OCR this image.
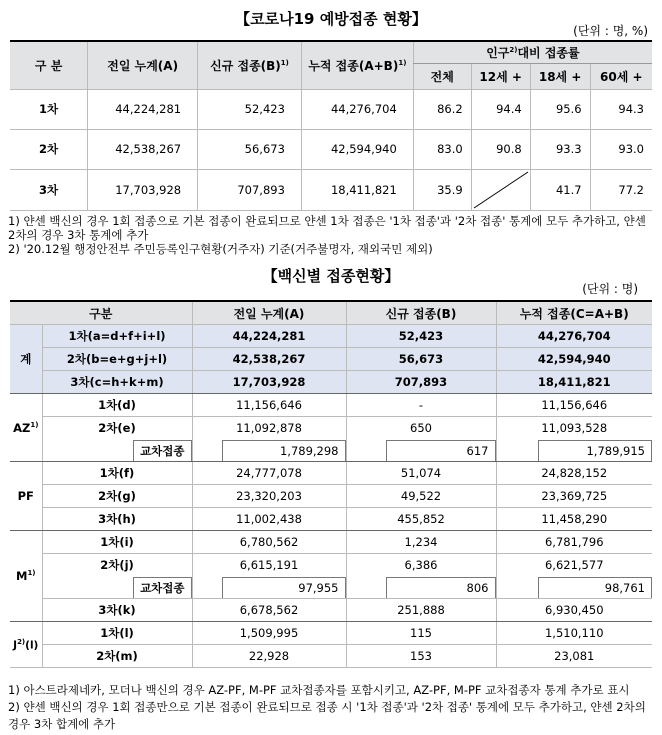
【코로나19 예방접종 현황】
(단위 : 명, %)
구 분	전일 누계(A)	신규 접종$(B)^{1)}$	누적 접종$(A+B)^{1)}$	인구$^{2)}$대비 접종률			
				전체	12세 +	18세 +	60세 +
1차	44,224,281	52,423	44,276,704	86.2	94.4	95.6	94.3
2차	42,538,267	56,673	42,594,940	83.0	90.8	93.3	93.0
3차	17,703,928	707,893	18,411,821	35.9		41.7	77.2
1) 얀센 백신의 경우 1회 접종으로 기본 접종이 완료되므로 얀센 1차 접종은 '1차 접종'과 '2차 접종' 통계에 모두 추가하고, 얀센 2차의 경우 3차 통계에 추가
2) '20.12월 행정안전부 주민등록인구현황(거주자) 기준(거주불명자, 재외국민 제외)
【백신별 접종현황】
(단위 : 명)
구분		전일 누계(A)	신규 접종(B)	누적 접종(C=A+B)
계	1차(a=d+f+i+l)	44,224,281	52,423	44,276,704
	2차(b=e+g+j+l)	42,538,267	56,673	42,594,940
	3차(c=h+k+m)	17,703,928	707,893	18,411,821
AZ$^{1)}$	1차(d)	11,156,646	-	11,156,646
	2차(e)	11,092,878	650	11,093,528
	교차접종	1,789,298	617	1,789,915
PF	1차(f)	24,777,078	51,074	24,828,152
	2차(g)	23,320,203	49,522	23,369,725
	3차(h)	11,002,438	455,852	11,458,290
$M^{1)}$	1차(i)	6,780,562	1,234	6,781,796
	2차(j)	6,615,191	6,386	6,621,577
	교차접종	97,955	806	98,761
	3차(k)	6,678,562	251,888	6,930,450
$J^{2)}(l)$	1차(l)	1,509,995	115	1,510,110
	2차(m)	22,928	153	23,081
1) 아스트라제네카, 모더나 백신의 경우 AZ-PF, M-PF 교차접종자를 포함시키고, AZ-PF, M-PF 교차접종자 통계 추가로 표시
2) 얀센 백신의 경우 1회 접종만으로 기본 접종이 완료되므로 접종 시 '1차 접종'과 '2차 접종' 통계에 모두 추가하고, 얀센 2차의 경우 3차 합계에 추가
